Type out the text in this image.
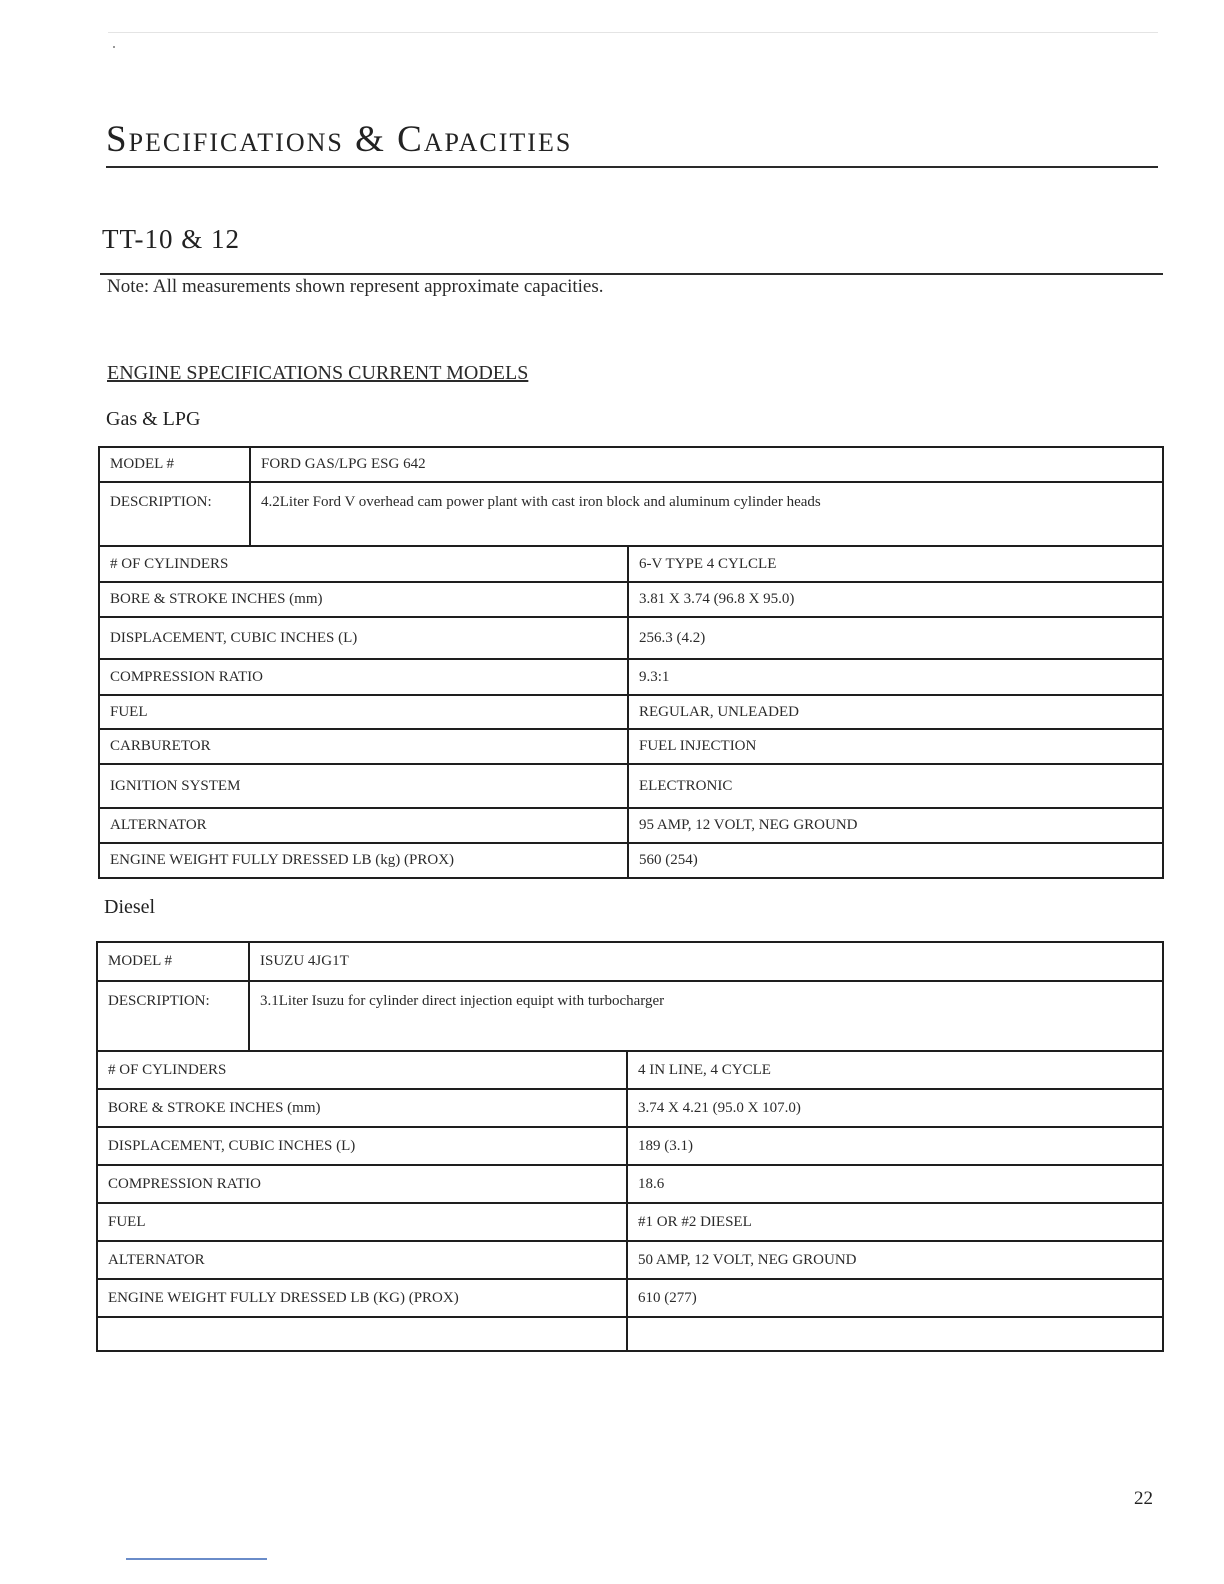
Specifications & Capacities
TT-10 & 12
Note: All measurements shown represent approximate capacities.
ENGINE SPECIFICATIONS CURRENT MODELS
Gas & LPG
MODEL #	FORD GAS/LPG ESG 642	
DESCRIPTION:	4.2Liter Ford V overhead cam power plant with cast iron block and aluminum cylinder heads	
# OF CYLINDERS		6-V TYPE 4 CYLCLE
BORE & STROKE INCHES (mm)		3.81 X 3.74 (96.8 X 95.0)
DISPLACEMENT, CUBIC INCHES (L)		256.3 (4.2)
COMPRESSION RATIO		9.3:1
FUEL		REGULAR, UNLEADED
CARBURETOR		FUEL INJECTION
IGNITION SYSTEM		ELECTRONIC
ALTERNATOR		95 AMP, 12 VOLT, NEG GROUND
ENGINE WEIGHT FULLY DRESSED LB (kg) (PROX)		560 (254)
Diesel
MODEL #	ISUZU 4JG1T	
DESCRIPTION:	3.1Liter Isuzu for cylinder direct injection equipt with turbocharger	
# OF CYLINDERS		4 IN LINE, 4 CYCLE
BORE & STROKE INCHES (mm)		3.74 X 4.21 (95.0 X 107.0)
DISPLACEMENT, CUBIC INCHES (L)		189 (3.1)
COMPRESSION RATIO		18.6
FUEL		#1 OR #2 DIESEL
ALTERNATOR		50 AMP, 12 VOLT, NEG GROUND
ENGINE WEIGHT FULLY DRESSED LB (KG) (PROX)		610 (277)

22
